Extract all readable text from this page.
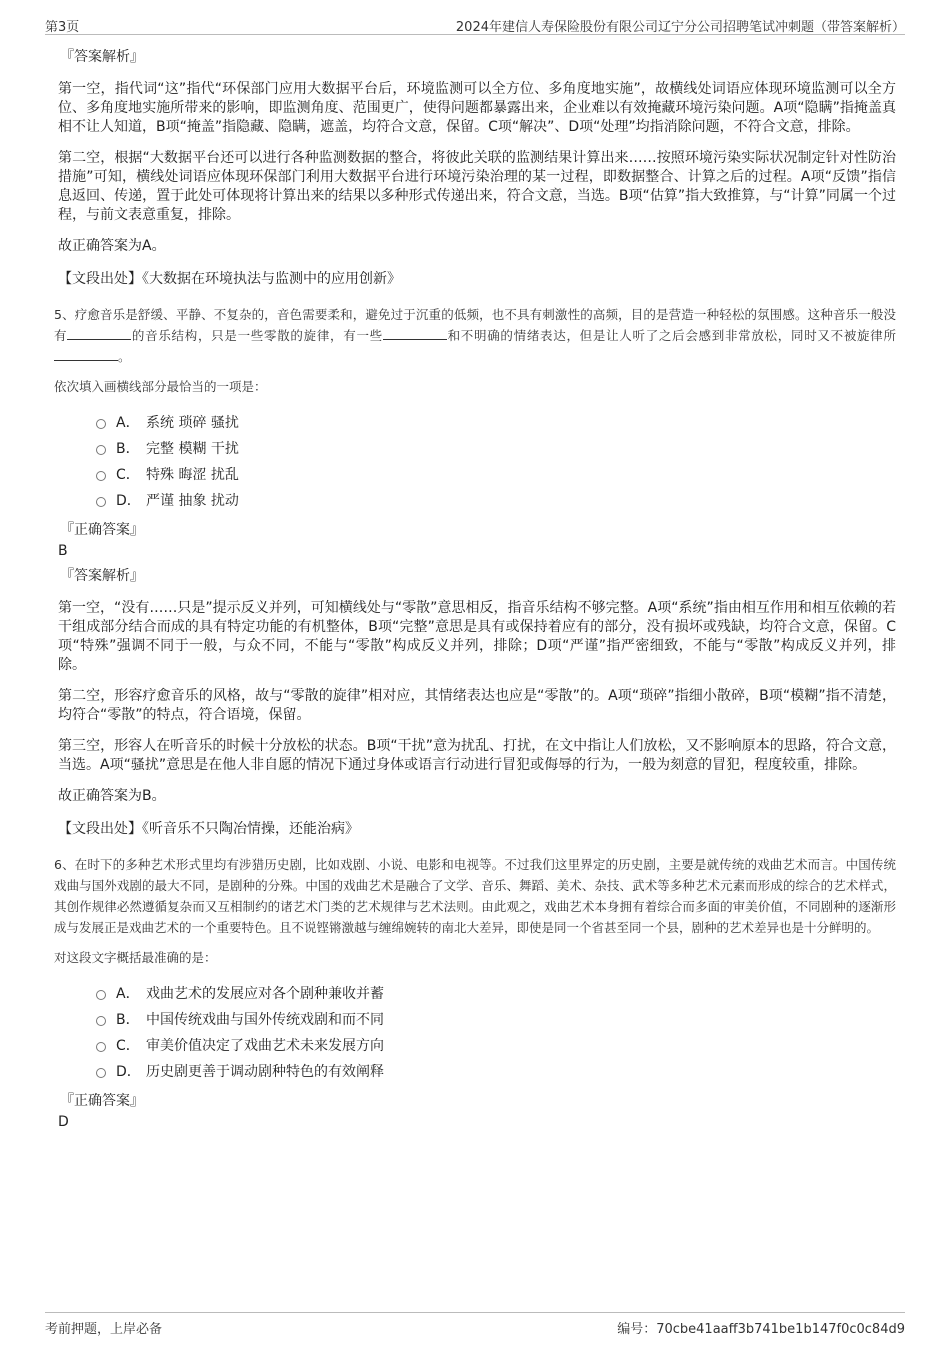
第3页	2024年建信人寿保险股份有限公司辽宁分公司招聘笔试冲刺题（带答案解析）
『答案解析』

第一空，指代词“这”指代“环保部门应用大数据平台后，环境监测可以全方位、多角度地实施”，故横线处词语应体现环境监测可以全方位、多角度地实施所带来的影响，即监测角度、范围更广，使得问题都暴露出来，企业难以有效掩藏环境污染问题。A项“隐瞒”指掩盖真相不让人知道，B项“掩盖”指隐藏、隐瞒，遮盖，均符合文意，保留。C项“解决”、D项“处理”均指消除问题，不符合文意，排除。

第二空，根据“大数据平台还可以进行各种监测数据的整合，将彼此关联的监测结果计算出来……按照环境污染实际状况制定针对性防治措施”可知，横线处词语应体现环保部门利用大数据平台进行环境污染治理的某一过程，即数据整合、计算之后的过程。A项“反馈”指信息返回、传递，置于此处可体现将计算出来的结果以多种形式传递出来，符合文意，当选。B项“估算”指大致推算，与“计算”同属一个过程，与前文表意重复，排除。

故正确答案为A。

【文段出处】《大数据在环境执法与监测中的应用创新》
5、疗愈音乐是舒缓、平静、不复杂的，音色需要柔和，避免过于沉重的低频，也不具有刺激性的高频，目的是营造一种轻松的氛围感。这种音乐一般没有	的音乐结构，只是一些零散的旋律，有一些	和不明确的情绪表达，但是让人听了之后会感到非常放松，同时又不被旋律所。
依次填入画横线部分最恰当的一项是：
A． 系统 琐碎 骚扰
B． 完整 模糊 干扰
C． 特殊 晦涩 扰乱
D． 严谨 抽象 扰动
『正确答案』
B
『答案解析』

第一空，“没有……只是”提示反义并列，可知横线处与“零散”意思相反，指音乐结构不够完整。A项“系统”指由相互作用和相互依赖的若干组成部分结合而成的具有特定功能的有机整体，B项“完整”意思是具有或保持着应有的部分，没有损坏或残缺，均符合文意，保留。C项“特殊”强调不同于一般，与众不同，不能与“零散”构成反义并列，排除；D项“严谨”指严密细致，不能与“零散”构成反义并列，排除。

第二空，形容疗愈音乐的风格，故与“零散的旋律”相对应，其情绪表达也应是“零散”的。A项“琐碎”指细小散碎，B项“模糊”指不清楚，均符合“零散”的特点，符合语境，保留。

第三空，形容人在听音乐的时候十分放松的状态。B项“干扰”意为扰乱、打扰，在文中指让人们放松，又不影响原本的思路，符合文意，当选。A项“骚扰”意思是在他人非自愿的情况下通过身体或语言行动进行冒犯或侮辱的行为，一般为刻意的冒犯，程度较重，排除。

故正确答案为B。

【文段出处】《听音乐不只陶冶情操，还能治病》
6、在时下的多种艺术形式里均有涉猎历史剧，比如戏剧、小说、电影和电视等。不过我们这里界定的历史剧，主要是就传统的戏曲艺术而言。中国传统戏曲与国外戏剧的最大不同，是剧种的分殊。中国的戏曲艺术是融合了文学、音乐、舞蹈、美术、杂技、武术等多种艺术元素而形成的综合的艺术样式，其创作规律必然遵循复杂而又互相制约的诸艺术门类的艺术规律与艺术法则。由此观之，戏曲艺术本身拥有着综合而多面的审美价值，不同剧种的逐渐形成与发展正是戏曲艺术的一个重要特色。且不说铿锵激越与缠绵婉转的南北大差异，即使是同一个省甚至同一个县，剧种的艺术差异也是十分鲜明的。
对这段文字概括最准确的是：
A． 戏曲艺术的发展应对各个剧种兼收并蓄
B． 中国传统戏曲与国外传统戏剧和而不同
C． 审美价值决定了戏曲艺术未来发展方向
D． 历史剧更善于调动剧种特色的有效阐释
『正确答案』
D
考前押题，上岸必备	编号：70cbe41aaff3b741be1b147f0c0c84d9
